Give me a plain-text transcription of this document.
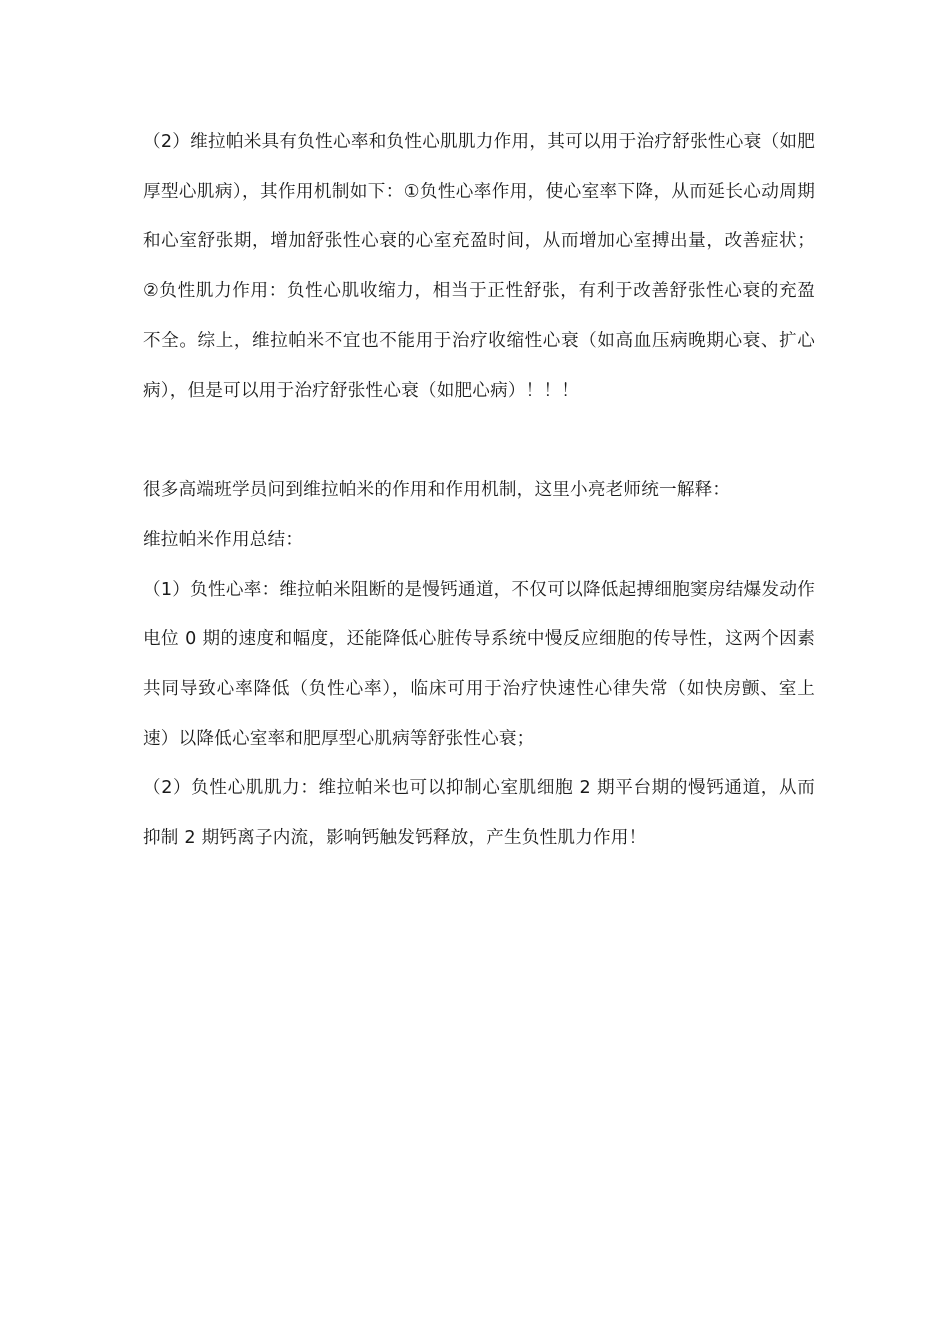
（2）维拉帕米具有负性心率和负性心肌肌力作用，其可以用于治疗舒张性心衰（如肥厚型心肌病），其作用机制如下：①负性心率作用，使心室率下降，从而延长心动周期和心室舒张期，增加舒张性心衰的心室充盈时间，从而增加心室搏出量，改善症状；②负性肌力作用：负性心肌收缩力，相当于正性舒张，有利于改善舒张性心衰的充盈不全。综上，维拉帕米不宜也不能用于治疗收缩性心衰（如高血压病晚期心衰、扩心病），但是可以用于治疗舒张性心衰（如肥心病）！！！

很多高端班学员问到维拉帕米的作用和作用机制，这里小亮老师统一解释：

维拉帕米作用总结：

（1）负性心率：维拉帕米阻断的是慢钙通道，不仅可以降低起搏细胞窦房结爆发动作电位 0 期的速度和幅度，还能降低心脏传导系统中慢反应细胞的传导性，这两个因素共同导致心率降低（负性心率），临床可用于治疗快速性心律失常（如快房颤、室上速）以降低心室率和肥厚型心肌病等舒张性心衰；

（2）负性心肌肌力：维拉帕米也可以抑制心室肌细胞 2 期平台期的慢钙通道，从而抑制 2 期钙离子内流，影响钙触发钙释放，产生负性肌力作用！
